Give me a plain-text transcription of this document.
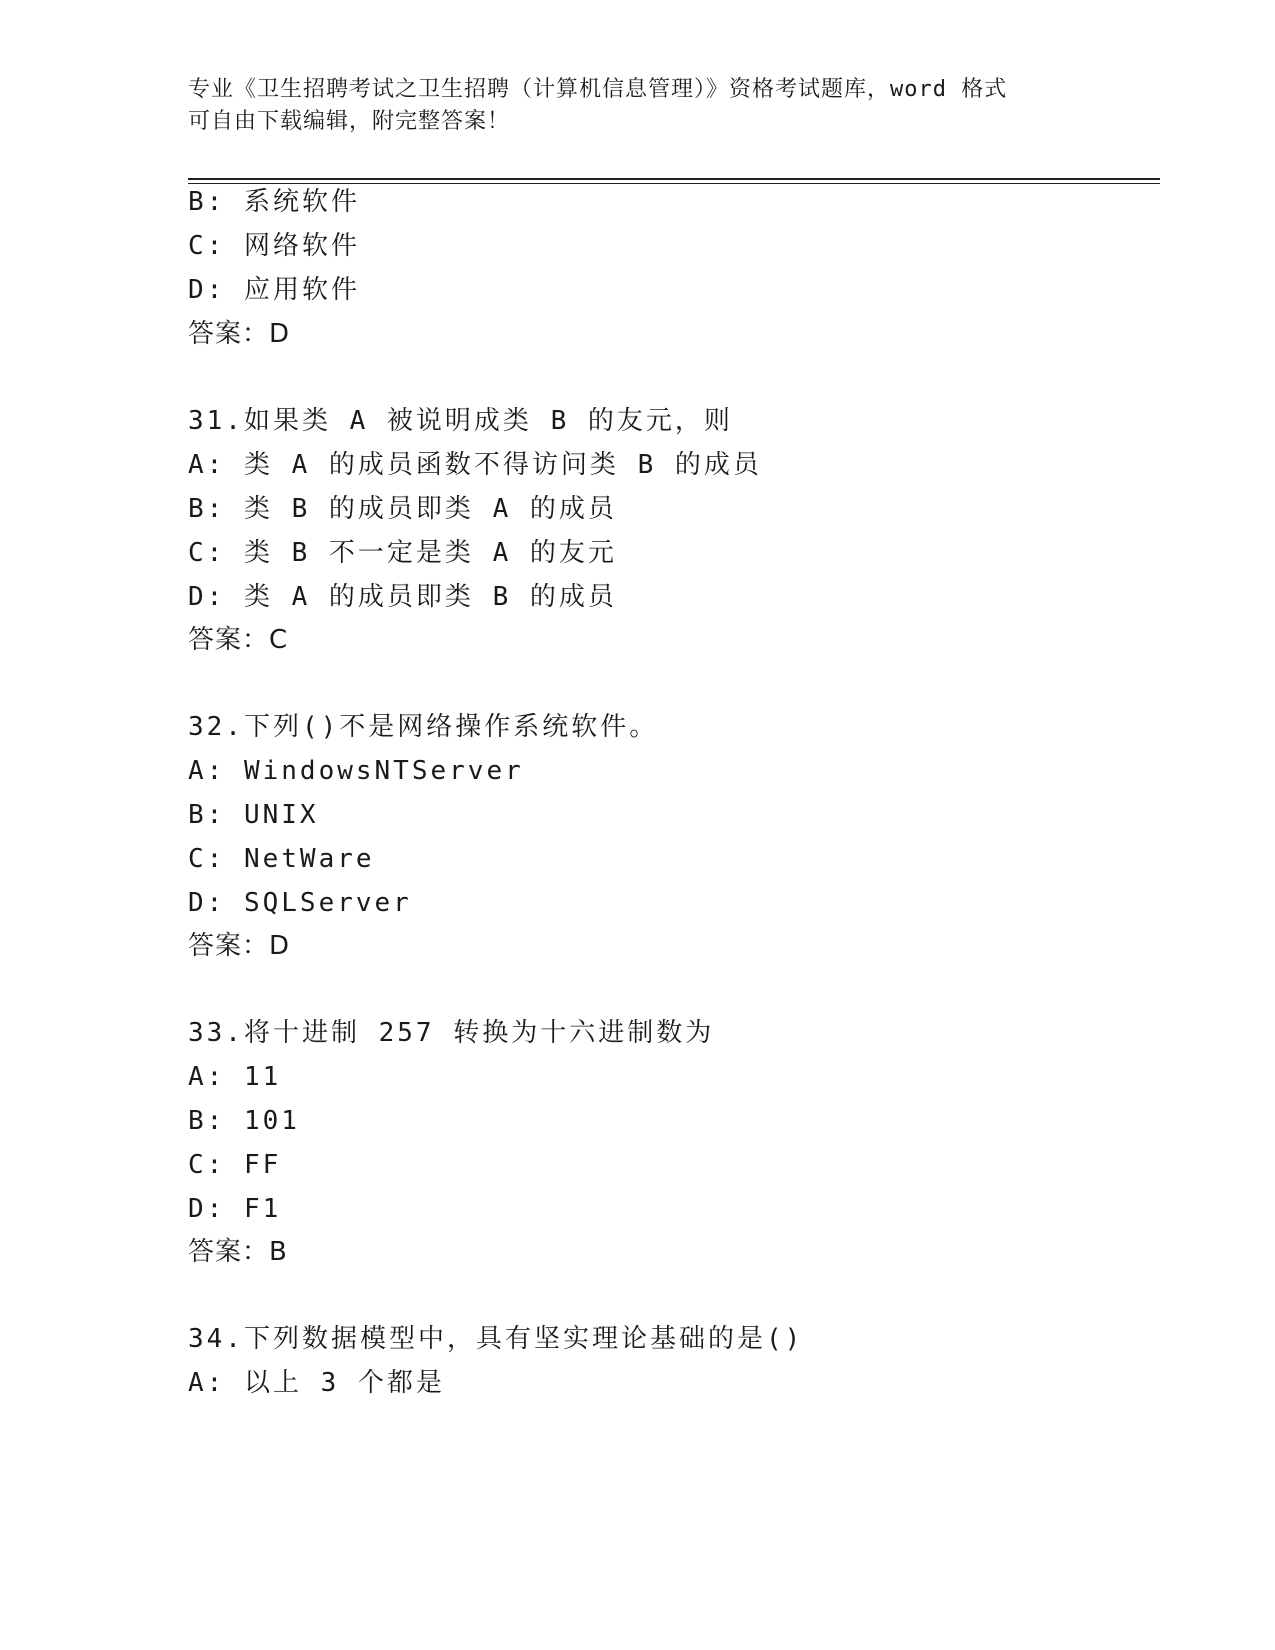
专业《卫生招聘考试之卫生招聘（计算机信息管理）》资格考试题库，word 格式
可自由下载编辑，附完整答案！
B: 系统软件
C: 网络软件
D: 应用软件
答案：D
31.如果类 A 被说明成类 B 的友元，则
A: 类 A 的成员函数不得访问类 B 的成员
B: 类 B 的成员即类 A 的成员
C: 类 B 不一定是类 A 的友元
D: 类 A 的成员即类 B 的成员
答案：C
32.下列()不是网络操作系统软件。
A: WindowsNTServer
B: UNIX
C: NetWare
D: SQLServer
答案：D
33.将十进制 257 转换为十六进制数为
A: 11
B: 101
C: FF
D: F1
答案：B
34.下列数据模型中，具有坚实理论基础的是()
A: 以上 3 个都是
